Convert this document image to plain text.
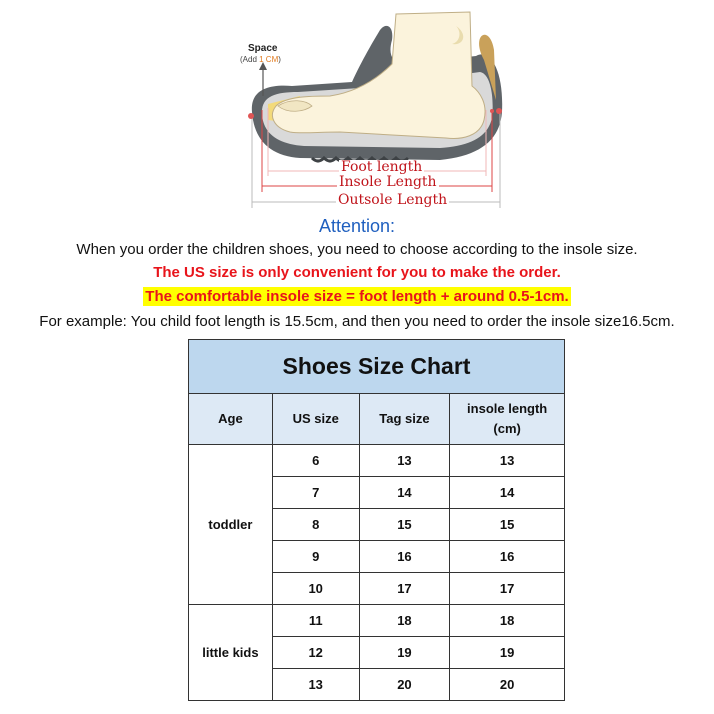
Space
(Add 1 CM)
Foot length
Insole Length
Outsole Length
Attention:
When you order the children shoes, you need to choose according to the insole size.
The US size is only convenient for you to make the order.
The comfortable insole size = foot length + around 0.5-1cm.
For example: You child foot length is 15.5cm, and then you need to order the insole size16.5cm.
Shoes Size Chart			
Age	US size	Tag size	insole length
(cm)
toddler	6	13	13
	7	14	14
	8	15	15
	9	16	16
	10	17	17
little kids	11	18	18
	12	19	19
	13	20	20
